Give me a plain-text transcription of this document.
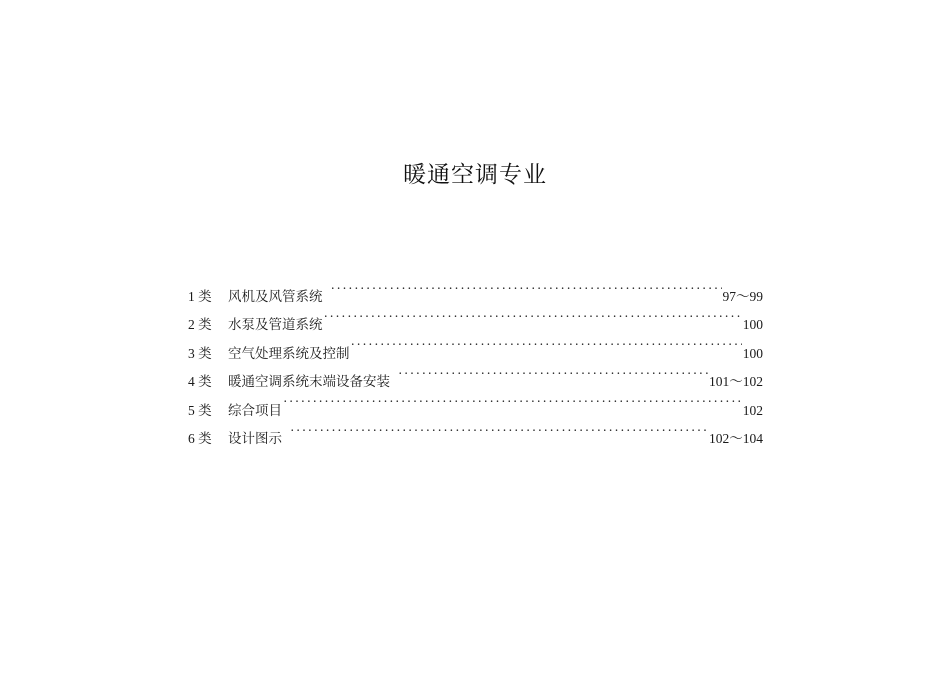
暖通空调专业
1 类	风机及风管系统 ·····	97～99
2 类	水泵及管道系统 ·····	100
3 类	空气处理系统及控制 ·····	100
4 类	暖通空调系统末端设备安装 ·····	101～102
5 类	综合项目 ·····	102
6 类	设计图示 ·····	102～104
